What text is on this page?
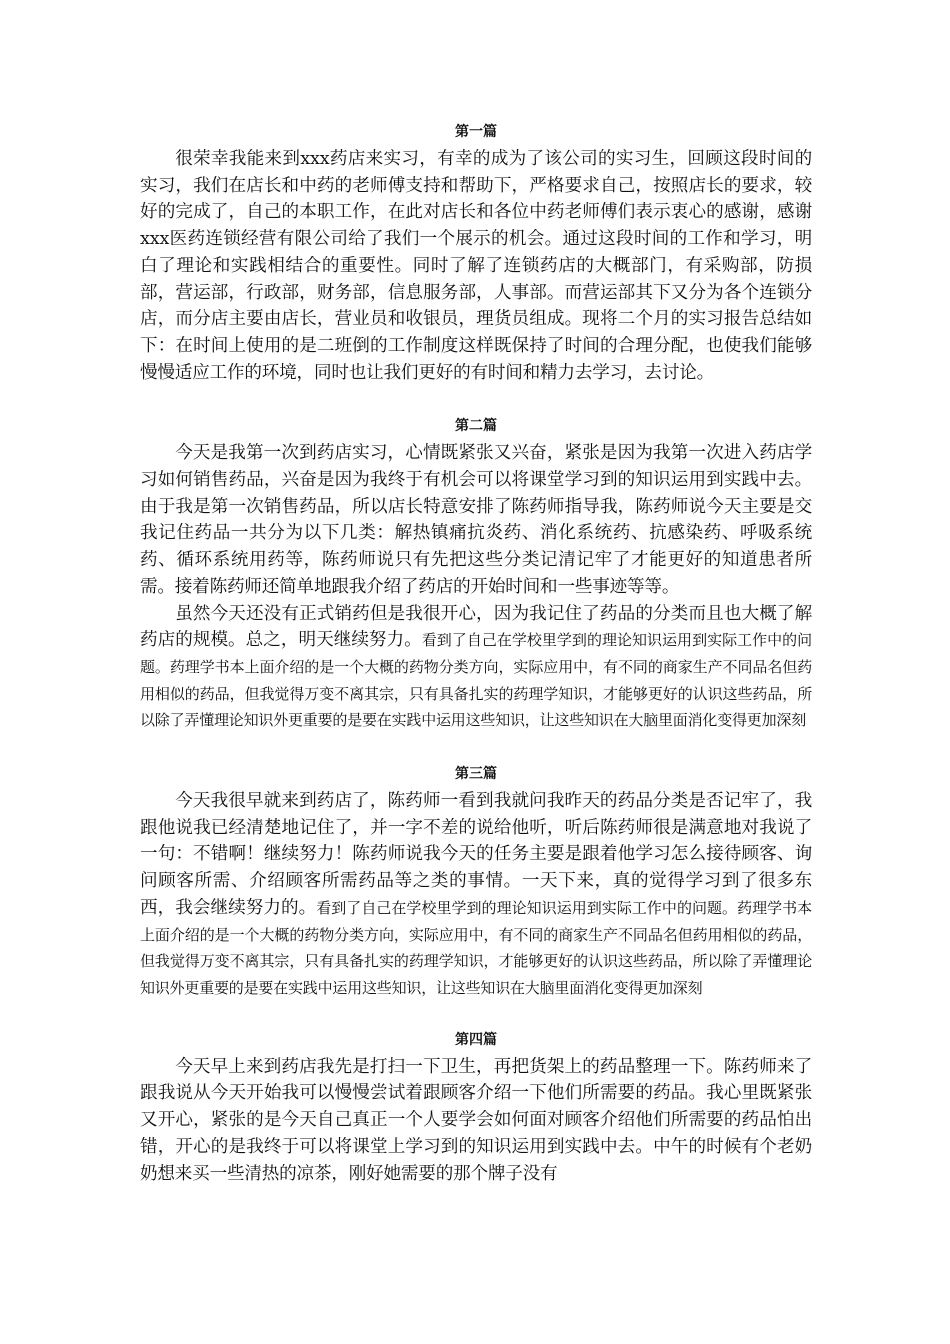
第一篇

很荣幸我能来到xxx药店来实习，有幸的成为了该公司的实习生，回顾这段时间的实习，我们在店长和中药的老师傅支持和帮助下，严格要求自己，按照店长的要求，较好的完成了，自己的本职工作，在此对店长和各位中药老师傅们表示衷心的感谢，感谢xxx医药连锁经营有限公司给了我们一个展示的机会。通过这段时间的工作和学习，明白了理论和实践相结合的重要性。同时了解了连锁药店的大概部门，有采购部，防损部，营运部，行政部，财务部，信息服务部，人事部。而营运部其下又分为各个连锁分店，而分店主要由店长，营业员和收银员，理货员组成。现将二个月的实习报告总结如下：在时间上使用的是二班倒的工作制度这样既保持了时间的合理分配，也使我们能够慢慢适应工作的环境，同时也让我们更好的有时间和精力去学习，去讨论。

第二篇

今天是我第一次到药店实习，心情既紧张又兴奋，紧张是因为我第一次进入药店学习如何销售药品，兴奋是因为我终于有机会可以将课堂学习到的知识运用到实践中去。由于我是第一次销售药品，所以店长特意安排了陈药师指导我，陈药师说今天主要是交我记住药品一共分为以下几类：解热镇痛抗炎药、消化系统药、抗感染药、呼吸系统药、循环系统用药等，陈药师说只有先把这些分类记清记牢了才能更好的知道患者所需。接着陈药师还简单地跟我介绍了药店的开始时间和一些事迹等等。

虽然今天还没有正式销药但是我很开心，因为我记住了药品的分类而且也大概了解药店的规模。总之，明天继续努力。看到了自己在学校里学到的理论知识运用到实际工作中的问题。药理学书本上面介绍的是一个大概的药物分类方向，实际应用中，有不同的商家生产不同品名但药用相似的药品，但我觉得万变不离其宗，只有具备扎实的药理学知识，才能够更好的认识这些药品，所以除了弄懂理论知识外更重要的是要在实践中运用这些知识，让这些知识在大脑里面消化变得更加深刻

第三篇

今天我很早就来到药店了，陈药师一看到我就问我昨天的药品分类是否记牢了，我跟他说我已经清楚地记住了，并一字不差的说给他听，听后陈药师很是满意地对我说了一句：不错啊！继续努力！陈药师说我今天的任务主要是跟着他学习怎么接待顾客、询问顾客所需、介绍顾客所需药品等之类的事情。一天下来，真的觉得学习到了很多东西，我会继续努力的。看到了自己在学校里学到的理论知识运用到实际工作中的问题。药理学书本上面介绍的是一个大概的药物分类方向，实际应用中，有不同的商家生产不同品名但药用相似的药品，但我觉得万变不离其宗，只有具备扎实的药理学知识，才能够更好的认识这些药品，所以除了弄懂理论知识外更重要的是要在实践中运用这些知识，让这些知识在大脑里面消化变得更加深刻

第四篇

今天早上来到药店我先是打扫一下卫生，再把货架上的药品整理一下。陈药师来了跟我说从今天开始我可以慢慢尝试着跟顾客介绍一下他们所需要的药品。我心里既紧张又开心，紧张的是今天自己真正一个人要学会如何面对顾客介绍他们所需要的药品怕出错，开心的是我终于可以将课堂上学习到的知识运用到实践中去。中午的时候有个老奶奶想来买一些清热的凉茶，刚好她需要的那个牌子没有
